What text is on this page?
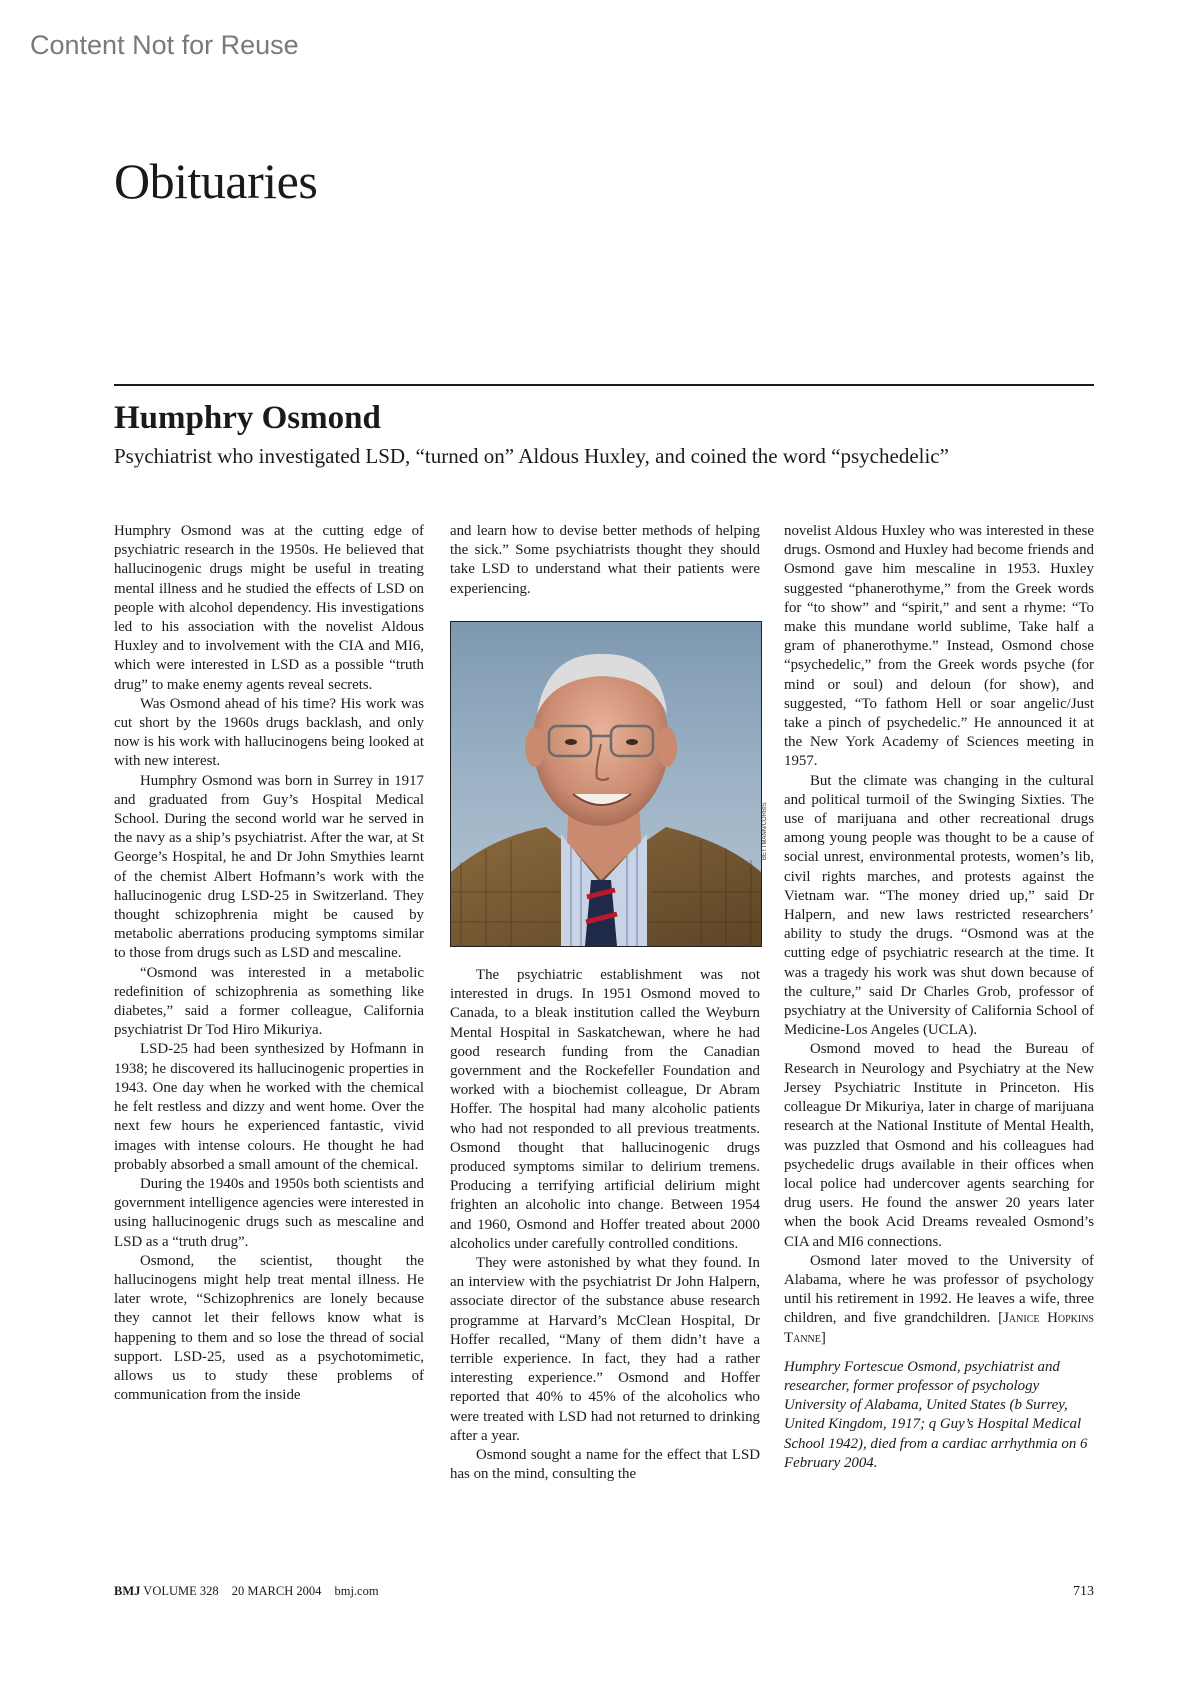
Content Not for Reuse
Obituaries
Humphry Osmond
Psychiatrist who investigated LSD, “turned on” Aldous Huxley, and coined the word “psychedelic”

Humphry Osmond was at the cutting edge of psychiatric research in the 1950s. He believed that hallucinogenic drugs might be useful in treating mental illness and he studied the effects of LSD on people with alcohol dependency. His investigations led to his association with the novelist Aldous Huxley and to involvement with the CIA and MI6, which were interested in LSD as a possible “truth drug” to make enemy agents reveal secrets.

Was Osmond ahead of his time? His work was cut short by the 1960s drugs backlash, and only now is his work with hallucinogens being looked at with new interest.

Humphry Osmond was born in Surrey in 1917 and graduated from Guy’s Hospital Medical School. During the second world war he served in the navy as a ship’s psychiatrist. After the war, at St George’s Hospital, he and Dr John Smythies learnt of the chemist Albert Hofmann’s work with the hallucinogenic drug LSD-25 in Switzerland. They thought schizophrenia might be caused by metabolic aberrations producing symptoms similar to those from drugs such as LSD and mescaline.

“Osmond was interested in a metabolic redefinition of schizophrenia as something like diabetes,” said a former colleague, California psychiatrist Dr Tod Hiro Mikuriya.

LSD-25 had been synthesized by Hofmann in 1938; he discovered its hallucinogenic properties in 1943. One day when he worked with the chemical he felt restless and dizzy and went home. Over the next few hours he experienced fantastic, vivid images with intense colours. He thought he had probably absorbed a small amount of the chemical.

During the 1940s and 1950s both scientists and government intelligence agencies were interested in using hallucinogenic drugs such as mescaline and LSD as a “truth drug”.

Osmond, the scientist, thought the hallucinogens might help treat mental illness. He later wrote, “Schizophrenics are lonely because they cannot let their fellows know what is happening to them and so lose the thread of social support. LSD-25, used as a psychotomimetic, allows us to study these problems of communication from the inside

and learn how to devise better methods of helping the sick.” Some psychiatrists thought they should take LSD to understand what their patients were experiencing.

BETTMANN/CORBIS

The psychiatric establishment was not interested in drugs. In 1951 Osmond moved to Canada, to a bleak institution called the Weyburn Mental Hospital in Saskatchewan, where he had good research funding from the Canadian government and the Rockefeller Foundation and worked with a biochemist colleague, Dr Abram Hoffer. The hospital had many alcoholic patients who had not responded to all previous treatments. Osmond thought that hallucinogenic drugs produced symptoms similar to delirium tremens. Producing a terrifying artificial delirium might frighten an alcoholic into change. Between 1954 and 1960, Osmond and Hoffer treated about 2000 alcoholics under carefully controlled conditions.

They were astonished by what they found. In an interview with the psychiatrist Dr John Halpern, associate director of the substance abuse research programme at Harvard’s McClean Hospital, Dr Hoffer recalled, “Many of them didn’t have a terrible experience. In fact, they had a rather interesting experience.” Osmond and Hoffer reported that 40% to 45% of the alcoholics who were treated with LSD had not returned to drinking after a year.

Osmond sought a name for the effect that LSD has on the mind, consulting the

novelist Aldous Huxley who was interested in these drugs. Osmond and Huxley had become friends and Osmond gave him mescaline in 1953. Huxley suggested “phanerothyme,” from the Greek words for “to show” and “spirit,” and sent a rhyme: “To make this mundane world sublime, Take half a gram of phanerothyme.” Instead, Osmond chose “psychedelic,” from the Greek words psyche (for mind or soul) and deloun (for show), and suggested, “To fathom Hell or soar angelic/Just take a pinch of psychedelic.” He announced it at the New York Academy of Sciences meeting in 1957.

But the climate was changing in the cultural and political turmoil of the Swinging Sixties. The use of marijuana and other recreational drugs among young people was thought to be a cause of social unrest, environmental protests, women’s lib, civil rights marches, and protests against the Vietnam war. “The money dried up,” said Dr Halpern, and new laws restricted researchers’ ability to study the drugs. “Osmond was at the cutting edge of psychiatric research at the time. It was a tragedy his work was shut down because of the culture,” said Dr Charles Grob, professor of psychiatry at the University of California School of Medicine-Los Angeles (UCLA).

Osmond moved to head the Bureau of Research in Neurology and Psychiatry at the New Jersey Psychiatric Institute in Princeton. His colleague Dr Mikuriya, later in charge of marijuana research at the National Institute of Mental Health, was puzzled that Osmond and his colleagues had psychedelic drugs available in their offices when local police had undercover agents searching for drug users. He found the answer 20 years later when the book Acid Dreams revealed Osmond’s CIA and MI6 connections.

Osmond later moved to the University of Alabama, where he was professor of psychology until his retirement in 1992. He leaves a wife, three children, and five grandchildren. [Janice Hopkins Tanne]

Humphry Fortescue Osmond, psychiatrist and researcher, former professor of psychology University of Alabama, United States (b Surrey, United Kingdom, 1917; q Guy’s Hospital Medical School 1942), died from a cardiac arrhythmia on 6 February 2004.

BMJ VOLUME 328 20 MARCH 2004 bmj.com	713
